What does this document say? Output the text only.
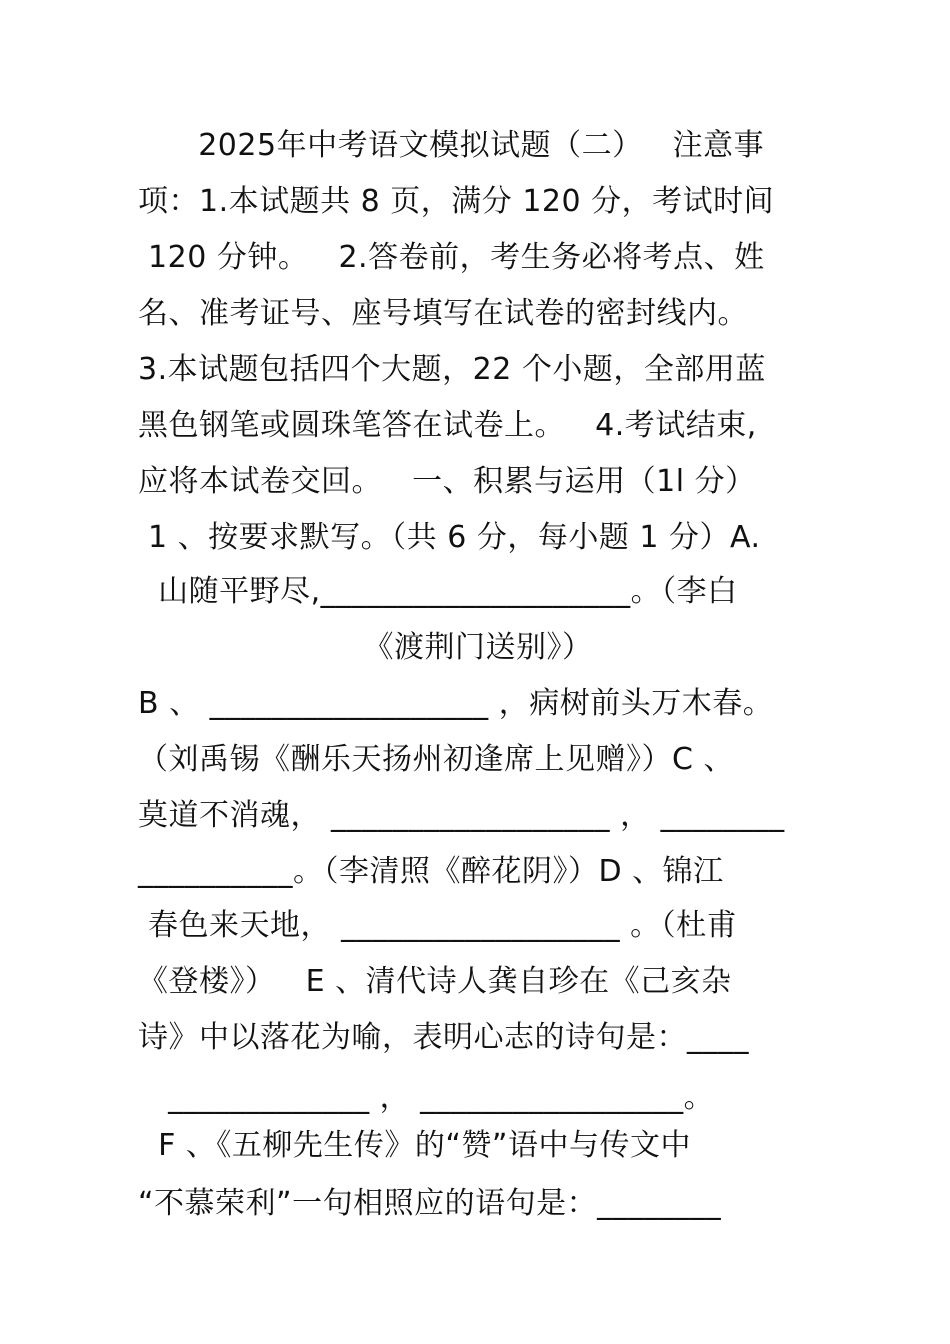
2025年中考语文模拟试题（二）   注意事
项：1.本试题共 8 页，满分 120 分，考试时间
120 分钟。   2.答卷前，考生务必将考点、姓
名、准考证号、座号填写在试卷的密封线内。
3.本试题包括四个大题，22 个小题，全部用蓝
黑色钢笔或圆珠笔答在试卷上。   4.考试结束,
应将本试卷交回。   一、积累与运用（1l 分）
1 、按要求默写。（共 6 分，每小题 1 分）A.
山随平野尽,____________________。（李白
《渡荆门送别》）
B 、 __________________ ，病树前头万木春。
（刘禹锡《酬乐天扬州初逢席上见赠》）C 、
莫道不消魂， __________________ ， ________
__________。（李清照《醉花阴》）D 、锦江
春色来天地， __________________ 。（杜甫
《登楼》）   E 、清代诗人龚自珍在《己亥杂
诗》中以落花为喻，表明心志的诗句是：____
_____________ ， _________________。
F 、《五柳先生传》的“赞”语中与传文中
“不慕荣利”一句相照应的语句是：________
